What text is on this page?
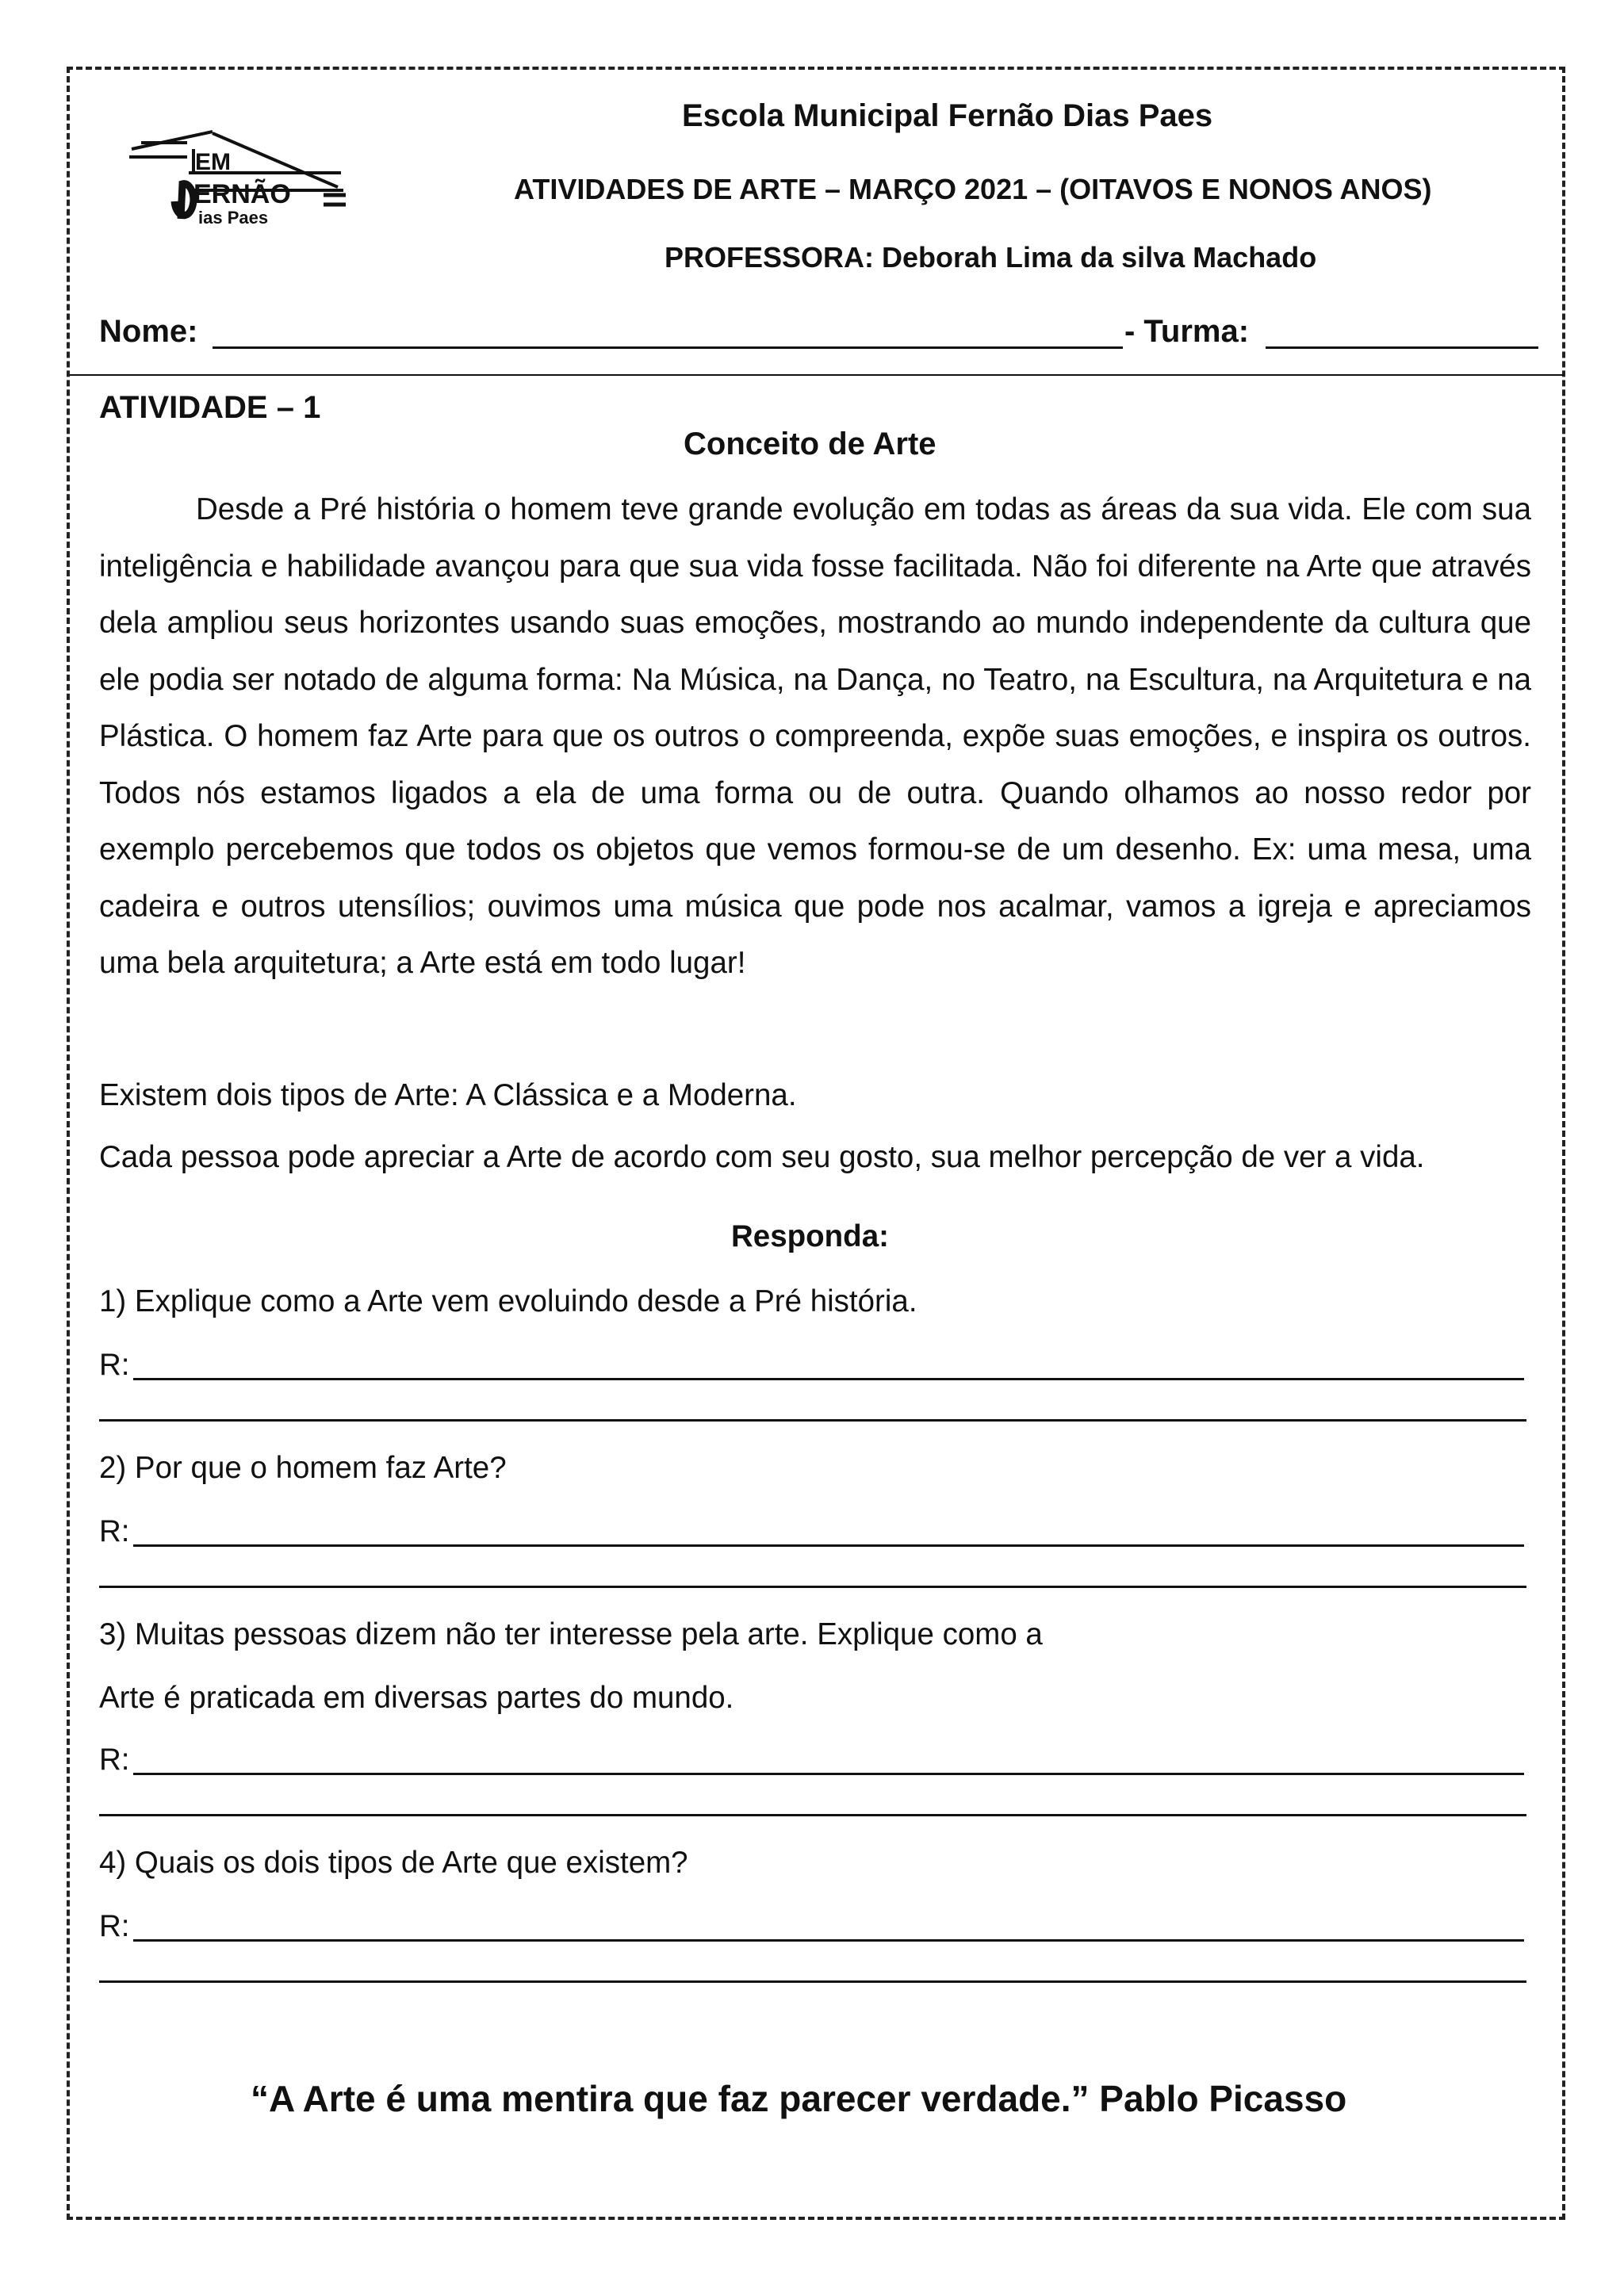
EM
ERNÃO
ias Paes
Escola Municipal Fernão Dias Paes
ATIVIDADES DE ARTE – MARÇO 2021 – (OITAVOS E NONOS ANOS)
PROFESSORA: Deborah Lima da silva Machado
Nome:	- Turma:
ATIVIDADE – 1
Conceito de Arte

Desde a Pré história o homem teve grande evolução em todas as áreas da sua vida. Ele com sua inteligência e habilidade avançou para que sua vida fosse facilitada. Não foi diferente na Arte que através dela ampliou seus horizontes usando suas emoções, mostrando ao mundo independente da cultura que ele podia ser notado de alguma forma: Na Música, na Dança, no Teatro, na Escultura, na Arquitetura e na Plástica. O homem faz Arte para que os outros o compreenda, expõe suas emoções, e inspira os outros. Todos nós estamos ligados a ela de uma forma ou de outra. Quando olhamos ao nosso redor por exemplo percebemos que todos os objetos que vemos formou-se de um desenho. Ex: uma mesa, uma cadeira e outros utensílios; ouvimos uma música que pode nos acalmar, vamos a igreja e apreciamos uma bela arquitetura; a Arte está em todo lugar!

Existem dois tipos de Arte: A Clássica e a Moderna.
Cada pessoa pode apreciar a Arte de acordo com seu gosto, sua melhor percepção de ver a vida.
Responda:
1) Explique como a Arte vem evoluindo desde a Pré história.
R:
2) Por que o homem faz Arte?
R:
3) Muitas pessoas dizem não ter interesse pela arte. Explique como a
Arte é praticada em diversas partes do mundo.
R:
4) Quais os dois tipos de Arte que existem?
R:
“A Arte é uma mentira que faz parecer verdade.” Pablo Picasso
